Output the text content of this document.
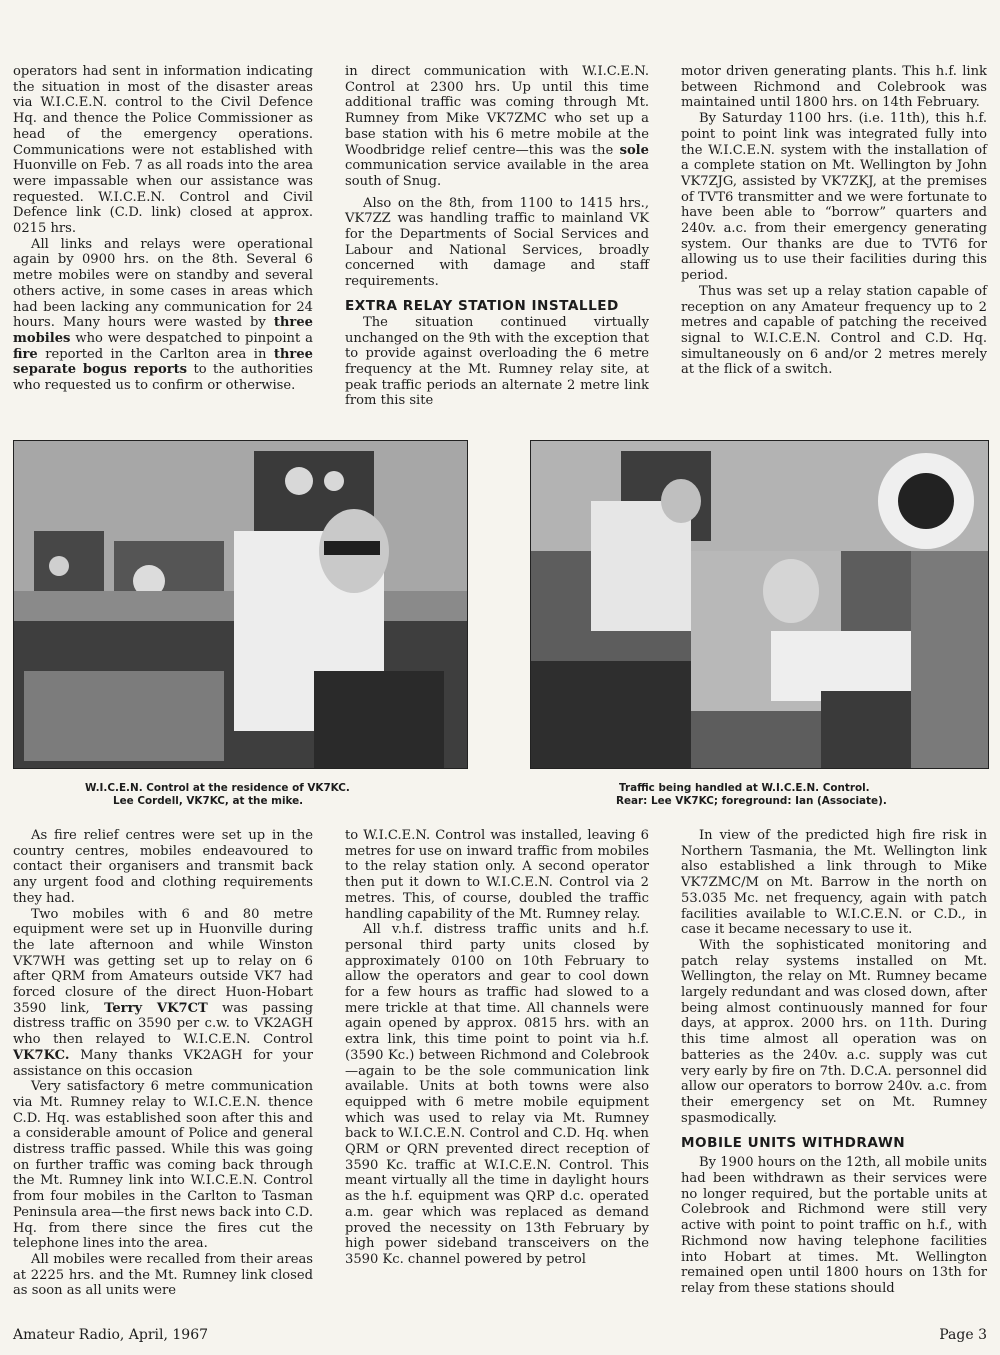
operators had sent in information indicating the situation in most of the disaster areas via W.I.C.E.N. control to the Civil Defence Hq. and thence the Police Commissioner as head of the emergency operations. Communications were not established with Huonville on Feb. 7 as all roads into the area were impassable when our assistance was requested. W.I.C.E.N. Control and Civil Defence link (C.D. link) closed at approx. 0215 hrs.

All links and relays were operational again by 0900 hrs. on the 8th. Several 6 metre mobiles were on standby and several others active, in some cases in areas which had been lacking any communication for 24 hours. Many hours were wasted by three mobiles who were despatched to pinpoint a fire reported in the Carlton area in three separate bogus reports to the authorities who requested us to confirm or otherwise.

in direct communication with W.I.C.E.N. Control at 2300 hrs. Up until this time additional traffic was coming through Mt. Rumney from Mike VK7ZMC who set up a base station with his 6 metre mobile at the Woodbridge relief centre—this was the sole communication service available in the area south of Snug.

Also on the 8th, from 1100 to 1415 hrs., VK7ZZ was handling traffic to mainland VK for the Departments of Social Services and Labour and National Services, broadly concerned with damage and staff requirements.

EXTRA RELAY STATION INSTALLED

The situation continued virtually unchanged on the 9th with the exception that to provide against overloading the 6 metre frequency at the Mt. Rumney relay site, at peak traffic periods an alternate 2 metre link from this site

motor driven generating plants. This h.f. link between Richmond and Colebrook was maintained until 1800 hrs. on 14th February.

By Saturday 1100 hrs. (i.e. 11th), this h.f. point to point link was integrated fully into the W.I.C.E.N. system with the installation of a complete station on Mt. Wellington by John VK7ZJG, assisted by VK7ZKJ, at the premises of TVT6 transmitter and we were fortunate to have been able to “borrow” quarters and 240v. a.c. from their emergency generating system. Our thanks are due to TVT6 for allowing us to use their facilities during this period.

Thus was set up a relay station capable of reception on any Amateur frequency up to 2 metres and capable of patching the received signal to W.I.C.E.N. Control and C.D. Hq. simultaneously on 6 and/or 2 metres merely at the flick of a switch.

W.I.C.E.N. Control at the residence of VK7KC.
Lee Cordell, VK7KC, at the mike.
Traffic being handled at W.I.C.E.N. Control.
Rear: Lee VK7KC; foreground: Ian (Associate).

As fire relief centres were set up in the country centres, mobiles endeavoured to contact their organisers and transmit back any urgent food and clothing requirements they had.

Two mobiles with 6 and 80 metre equipment were set up in Huonville during the late afternoon and while Winston VK7WH was getting set up to relay on 6 after QRM from Amateurs outside VK7 had forced closure of the direct Huon-Hobart 3590 link, Terry VK7CT was passing distress traffic on 3590 per c.w. to VK2AGH who then relayed to W.I.C.E.N. Control VK7KC. Many thanks VK2AGH for your assistance on this occasion

Very satisfactory 6 metre communication via Mt. Rumney relay to W.I.C.E.N. thence C.D. Hq. was established soon after this and a considerable amount of Police and general distress traffic passed. While this was going on further traffic was coming back through the Mt. Rumney link into W.I.C.E.N. Control from four mobiles in the Carlton to Tasman Peninsula area—the first news back into C.D. Hq. from there since the fires cut the telephone lines into the area.

All mobiles were recalled from their areas at 2225 hrs. and the Mt. Rumney link closed as soon as all units were

to W.I.C.E.N. Control was installed, leaving 6 metres for use on inward traffic from mobiles to the relay station only. A second operator then put it down to W.I.C.E.N. Control via 2 metres. This, of course, doubled the traffic handling capability of the Mt. Rumney relay.

All v.h.f. distress traffic units and h.f. personal third party units closed by approximately 0100 on 10th February to allow the operators and gear to cool down for a few hours as traffic had slowed to a mere trickle at that time. All channels were again opened by approx. 0815 hrs. with an extra link, this time point to point via h.f. (3590 Kc.) between Richmond and Colebrook—again to be the sole communication link available. Units at both towns were also equipped with 6 metre mobile equipment which was used to relay via Mt. Rumney back to W.I.C.E.N. Control and C.D. Hq. when QRM or QRN prevented direct reception of 3590 Kc. traffic at W.I.C.E.N. Control. This meant virtually all the time in daylight hours as the h.f. equipment was QRP d.c. operated a.m. gear which was replaced as demand proved the necessity on 13th February by high power sideband transceivers on the 3590 Kc. channel powered by petrol

In view of the predicted high fire risk in Northern Tasmania, the Mt. Wellington link also established a link through to Mike VK7ZMC/M on Mt. Barrow in the north on 53.035 Mc. net frequency, again with patch facilities available to W.I.C.E.N. or C.D., in case it became necessary to use it.

With the sophisticated monitoring and patch relay systems installed on Mt. Wellington, the relay on Mt. Rumney became largely redundant and was closed down, after being almost continuously manned for four days, at approx. 2000 hrs. on 11th. During this time almost all operation was on batteries as the 240v. a.c. supply was cut very early by fire on 7th. D.C.A. personnel did allow our operators to borrow 240v. a.c. from their emergency set on Mt. Rumney spasmodically.

MOBILE UNITS WITHDRAWN

By 1900 hours on the 12th, all mobile units had been withdrawn as their services were no longer required, but the portable units at Colebrook and Richmond were still very active with point to point traffic on h.f., with Richmond now having telephone facilities into Hobart at times. Mt. Wellington remained open until 1800 hours on 13th for relay from these stations should

Amateur Radio, April, 1967	Page 3
